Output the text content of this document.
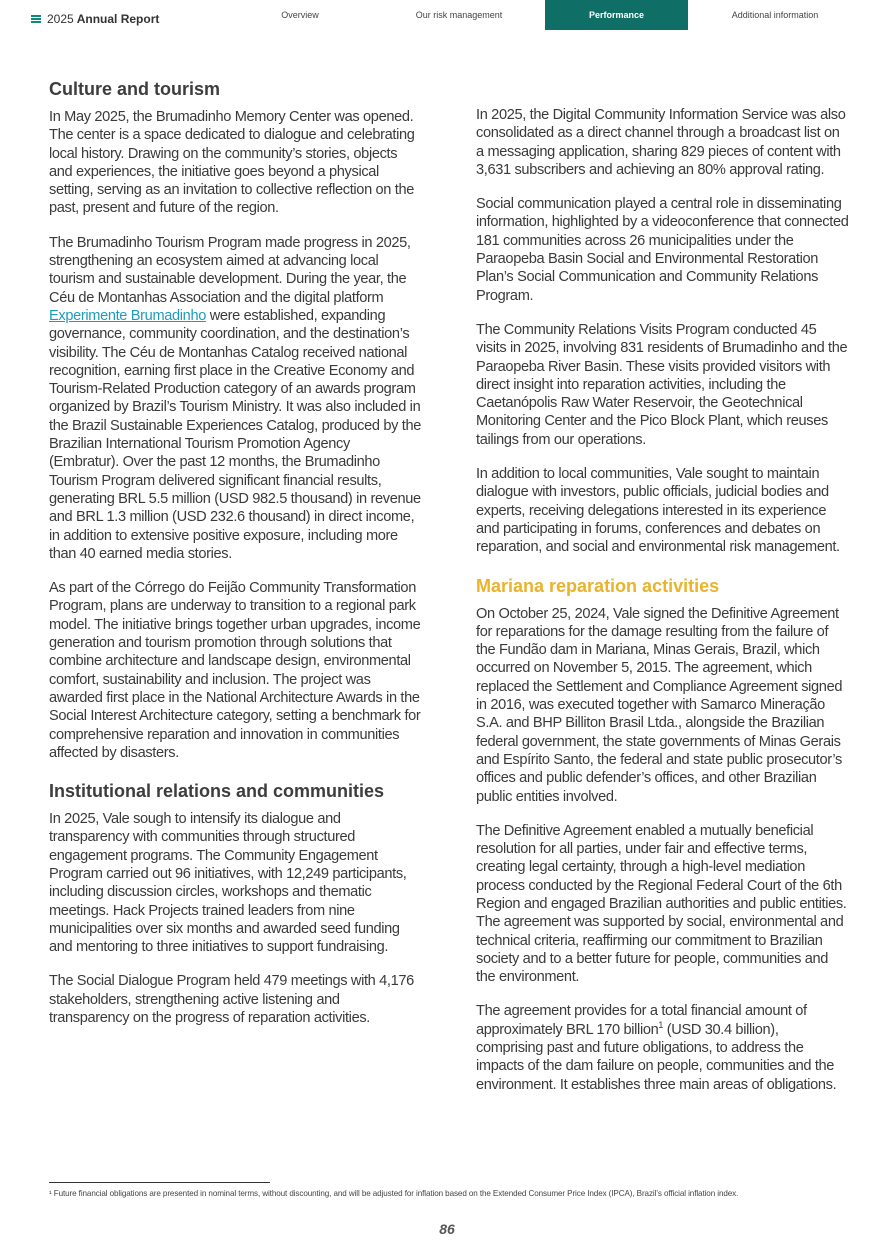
2025 Annual Report	Overview	Our risk management	Performance	Additional information
Culture and tourism

In May 2025, the Brumadinho Memory Center was opened. The center is a space dedicated to dialogue and celebrating local history. Drawing on the community’s stories, objects and experiences, the initiative goes beyond a physical setting, serving as an invitation to collective reflection on the past, present and future of the region.

The Brumadinho Tourism Program made progress in 2025, strengthening an ecosystem aimed at advancing local tourism and sustainable development. During the year, the Céu de Montanhas Association and the digital platform Experimente Brumadinho were established, expanding governance, community coordination, and the destination’s visibility. The Céu de Montanhas Catalog received national recognition, earning first place in the Creative Economy and Tourism-Related Production category of an awards program organized by Brazil’s Tourism Ministry. It was also included in the Brazil Sustainable Experiences Catalog, produced by the Brazilian International Tourism Promotion Agency (Embratur). Over the past 12 months, the Brumadinho Tourism Program delivered significant financial results, generating BRL 5.5 million (USD 982.5 thousand) in revenue and BRL 1.3 million (USD 232.6 thousand) in direct income, in addition to extensive positive exposure, including more than 40 earned media stories.

As part of the Córrego do Feijão Community Transformation Program, plans are underway to transition to a regional park model. The initiative brings together urban upgrades, income generation and tourism promotion through solutions that combine architecture and landscape design, environmental comfort, sustainability and inclusion. The project was awarded first place in the National Architecture Awards in the Social Interest Architecture category, setting a benchmark for comprehensive reparation and innovation in communities affected by disasters.

Institutional relations and communities

In 2025, Vale sough to intensify its dialogue and transparency with communities through structured engagement programs. The Community Engagement Program carried out 96 initiatives, with 12,249 participants, including discussion circles, workshops and thematic meetings. Hack Projects trained leaders from nine municipalities over six months and awarded seed funding and mentoring to three initiatives to support fundraising.

The Social Dialogue Program held 479 meetings with 4,176 stakeholders, strengthening active listening and transparency on the progress of reparation activities.

In 2025, the Digital Community Information Service was also consolidated as a direct channel through a broadcast list on a messaging application, sharing 829 pieces of content with 3,631 subscribers and achieving an 80% approval rating.

Social communication played a central role in disseminating information, highlighted by a videoconference that connected 181 communities across 26 municipalities under the Paraopeba Basin Social and Environmental Restoration Plan’s Social Communication and Community Relations Program.

The Community Relations Visits Program conducted 45 visits in 2025, involving 831 residents of Brumadinho and the Paraopeba River Basin. These visits provided visitors with direct insight into reparation activities, including the Caetanópolis Raw Water Reservoir, the Geotechnical Monitoring Center and the Pico Block Plant, which reuses tailings from our operations.

In addition to local communities, Vale sought to maintain dialogue with investors, public officials, judicial bodies and experts, receiving delegations interested in its experience and participating in forums, conferences and debates on reparation, and social and environmental risk management.

Mariana reparation activities

On October 25, 2024, Vale signed the Definitive Agreement for reparations for the damage resulting from the failure of the Fundão dam in Mariana, Minas Gerais, Brazil, which occurred on November 5, 2015. The agreement, which replaced the Settlement and Compliance Agreement signed in 2016, was executed together with Samarco Mineração S.A. and BHP Billiton Brasil Ltda., alongside the Brazilian federal government, the state governments of Minas Gerais and Espírito Santo, the federal and state public prosecutor’s offices and public defender’s offices, and other Brazilian public entities involved.

The Definitive Agreement enabled a mutually beneficial resolution for all parties, under fair and effective terms, creating legal certainty, through a high-level mediation process conducted by the Regional Federal Court of the 6th Region and engaged Brazilian authorities and public entities. The agreement was supported by social, environmental and technical criteria, reaffirming our commitment to Brazilian society and to a better future for people, communities and the environment.

The agreement provides for a total financial amount of approximately BRL 170 billion$^1$ (USD 30.4 billion), comprising past and future obligations, to address the impacts of the dam failure on people, communities and the environment. It establishes three main areas of obligations.

¹ Future financial obligations are presented in nominal terms, without discounting, and will be adjusted for inflation based on the Extended Consumer Price Index (IPCA), Brazil’s official inflation index.
86
